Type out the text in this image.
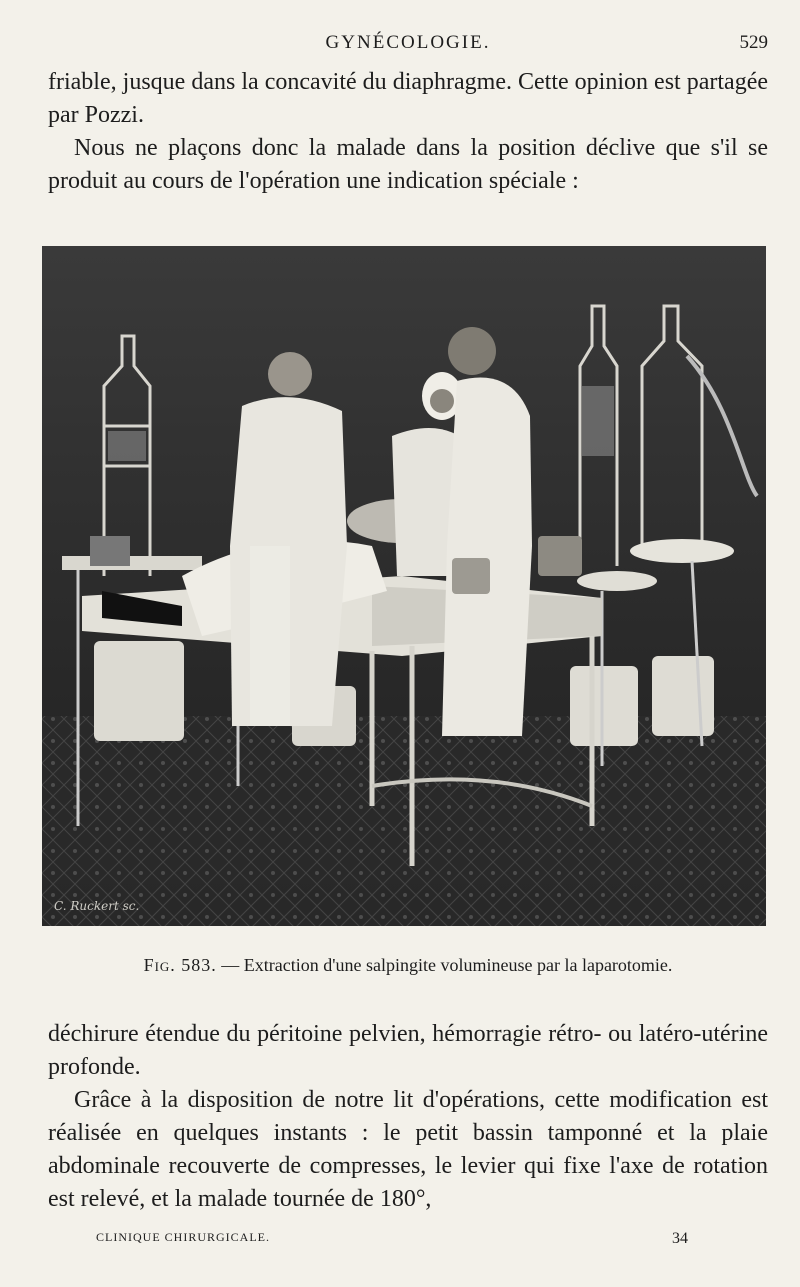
GYNÉCOLOGIE.	529

friable, jusque dans la concavité du diaphragme. Cette opinion est partagée par Pozzi.

Nous ne plaçons donc la malade dans la position déclive que s'il se produit au cours de l'opération une indication spéciale :

C. Ruckert sc.
Fig. 583. — Extraction d'une salpingite volumineuse par la laparotomie.

déchirure étendue du péritoine pelvien, hémorragie rétro- ou latéro-utérine profonde.

Grâce à la disposition de notre lit d'opérations, cette modification est réalisée en quelques instants : le petit bassin tamponné et la plaie abdominale recouverte de compresses, le levier qui fixe l'axe de rotation est relevé, et la malade tournée de 180°,

CLINIQUE CHIRURGICALE.	34
